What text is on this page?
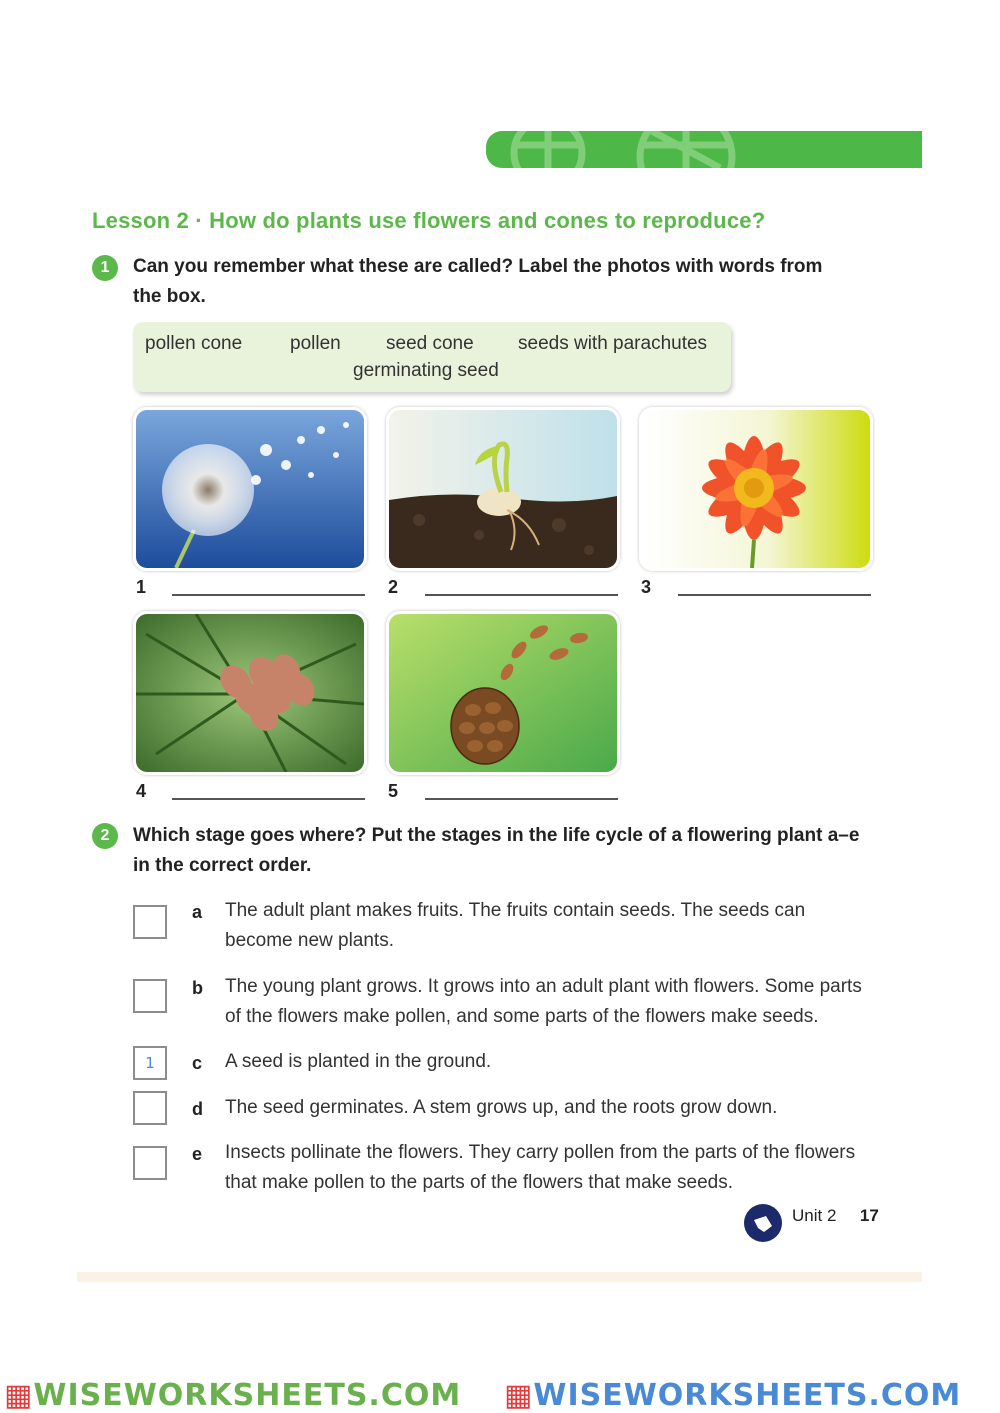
Lesson 2 · How do plants use flowers and cones to reproduce?
1	Can you remember what these are called? Label the photos with words from
the box.
pollen cone	pollen seed cone seeds with parachutes
germinating seed
1	2	3
4	5
2	Which stage goes where? Put the stages in the life cycle of a flowering plant a–e
in the correct order.
a The adult plant makes fruits. The fruits contain seeds. The seeds can
become new plants.
b The young plant grows. It grows into an adult plant with flowers. Some parts
of the flowers make pollen, and some parts of the flowers make seeds.
1	c A seed is planted in the ground.
d The seed germinates. A stem grows up, and the roots grow down.
e Insects pollinate the flowers. They carry pollen from the parts of the flowers
that make pollen to the parts of the flowers that make seeds.
Unit 2 17
▦WISEWORKSHEETS.COM ▦WISEWORKSHEETS.COM
